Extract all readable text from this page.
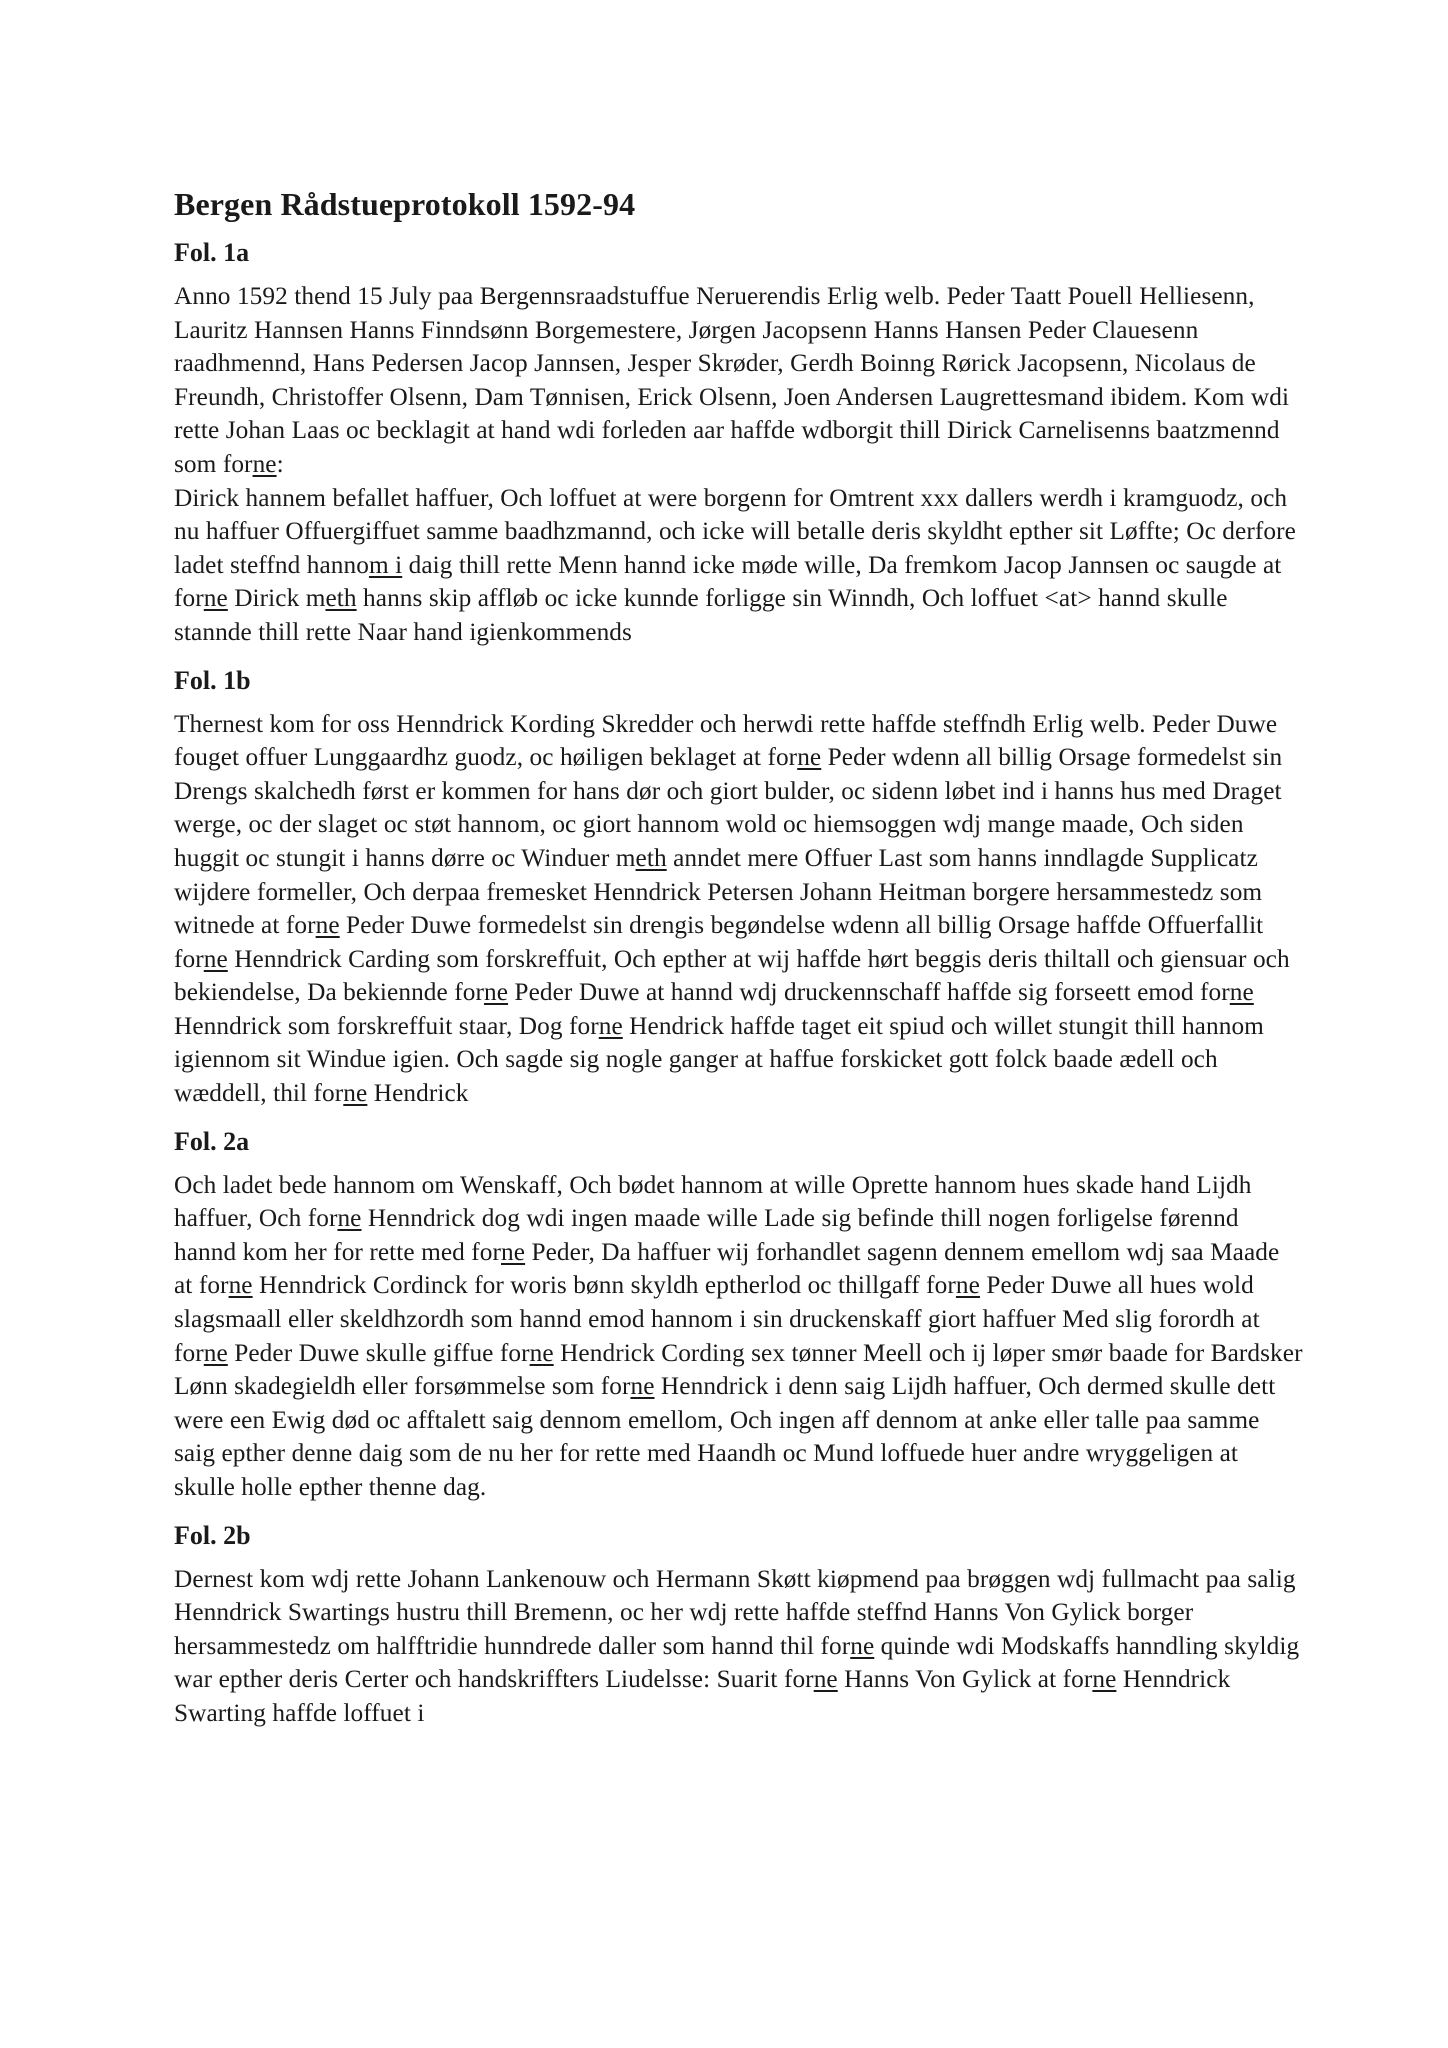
Bergen Rådstueprotokoll 1592-94
Fol. 1a

Anno 1592 thend 15 July paa Bergennsraadstuffue Neruerendis Erlig welb. Peder Taatt Pouell Helliesenn, Lauritz Hannsen Hanns Finndsønn Borgemestere, Jørgen Jacopsenn Hanns Hansen Peder Clauesenn raadhmennd, Hans Pedersen Jacop Jannsen, Jesper Skrøder, Gerdh Boinng Rørick Jacopsenn, Nicolaus de Freundh, Christoffer Olsenn, Dam Tønnisen, Erick Olsenn, Joen Andersen Laugrettesmand ibidem. Kom wdi rette Johan Laas oc becklagit at hand wdi forleden aar haffde wdborgit thill Dirick Carnelisenns baatzmennd som forne:
Dirick hannem befallet haffuer, Och loffuet at were borgenn for Omtrent xxx dallers werdh i kramguodz, och nu haffuer Offuergiffuet samme baadhzmannd, och icke will betalle deris skyldht epther sit Løffte; Oc derfore ladet steffnd hannom i daig thill rette Menn hannd icke møde wille, Da fremkom Jacop Jannsen oc saugde at forne Dirick meth hanns skip affløb oc icke kunnde forligge sin Winndh, Och loffuet <at> hannd skulle stannde thill rette Naar hand igienkommends

Fol. 1b

Thernest kom for oss Henndrick Kording Skredder och herwdi rette haffde steffndh Erlig welb. Peder Duwe fouget offuer Lunggaardhz guodz, oc høiligen beklaget at forne Peder wdenn all billig Orsage formedelst sin Drengs skalchedh først er kommen for hans dør och giort bulder, oc sidenn løbet ind i hanns hus med Draget werge, oc der slaget oc støt hannom, oc giort hannom wold oc hiemsoggen wdj mange maade, Och siden huggit oc stungit i hanns dørre oc Winduer meth anndet mere Offuer Last som hanns inndlagde Supplicatz wijdere formeller, Och derpaa fremesket Henndrick Petersen Johann Heitman borgere hersammestedz som witnede at forne Peder Duwe formedelst sin drengis begøndelse wdenn all billig Orsage haffde Offuerfallit forne Henndrick Carding som forskreffuit, Och epther at wij haffde hørt beggis deris thiltall och giensuar och bekiendelse, Da bekiennde forne Peder Duwe at hannd wdj druckennschaff haffde sig forseett emod forne Henndrick som forskreffuit staar, Dog forne Hendrick haffde taget eit spiud och willet stungit thill hannom igiennom sit Windue igien. Och sagde sig nogle ganger at haffue forskicket gott folck baade ædell och wæddell, thil forne Hendrick

Fol. 2a

Och ladet bede hannom om Wenskaff, Och bødet hannom at wille Oprette hannom hues skade hand Lijdh haffuer, Och forne Henndrick dog wdi ingen maade wille Lade sig befinde thill nogen forligelse førennd hannd kom her for rette med forne Peder, Da haffuer wij forhandlet sagenn dennem emellom wdj saa Maade at forne Henndrick Cordinck for woris bønn skyldh eptherlod oc thillgaff forne Peder Duwe all hues wold slagsmaall eller skeldhzordh som hannd emod hannom i sin druckenskaff giort haffuer Med slig forordh at forne Peder Duwe skulle giffue forne Hendrick Cording sex tønner Meell och ij løper smør baade for Bardsker Lønn skadegieldh eller forsømmelse som forne Henndrick i denn saig Lijdh haffuer, Och dermed skulle dett were een Ewig død oc afftalett saig dennom emellom, Och ingen aff dennom at anke eller talle paa samme saig epther denne daig som de nu her for rette med Haandh oc Mund loffuede huer andre wryggeligen at skulle holle epther thenne dag.

Fol. 2b

Dernest kom wdj rette Johann Lankenouw och Hermann Skøtt kiøpmend paa brøggen wdj fullmacht paa salig Henndrick Swartings hustru thill Bremenn, oc her wdj rette haffde steffnd Hanns Von Gylick borger hersammestedz om halfftridie hunndrede daller som hannd thil forne quinde wdi Modskaffs hanndling skyldig war epther deris Certer och handskriffters Liudelsse: Suarit forne Hanns Von Gylick at forne Henndrick Swarting haffde loffuet i
